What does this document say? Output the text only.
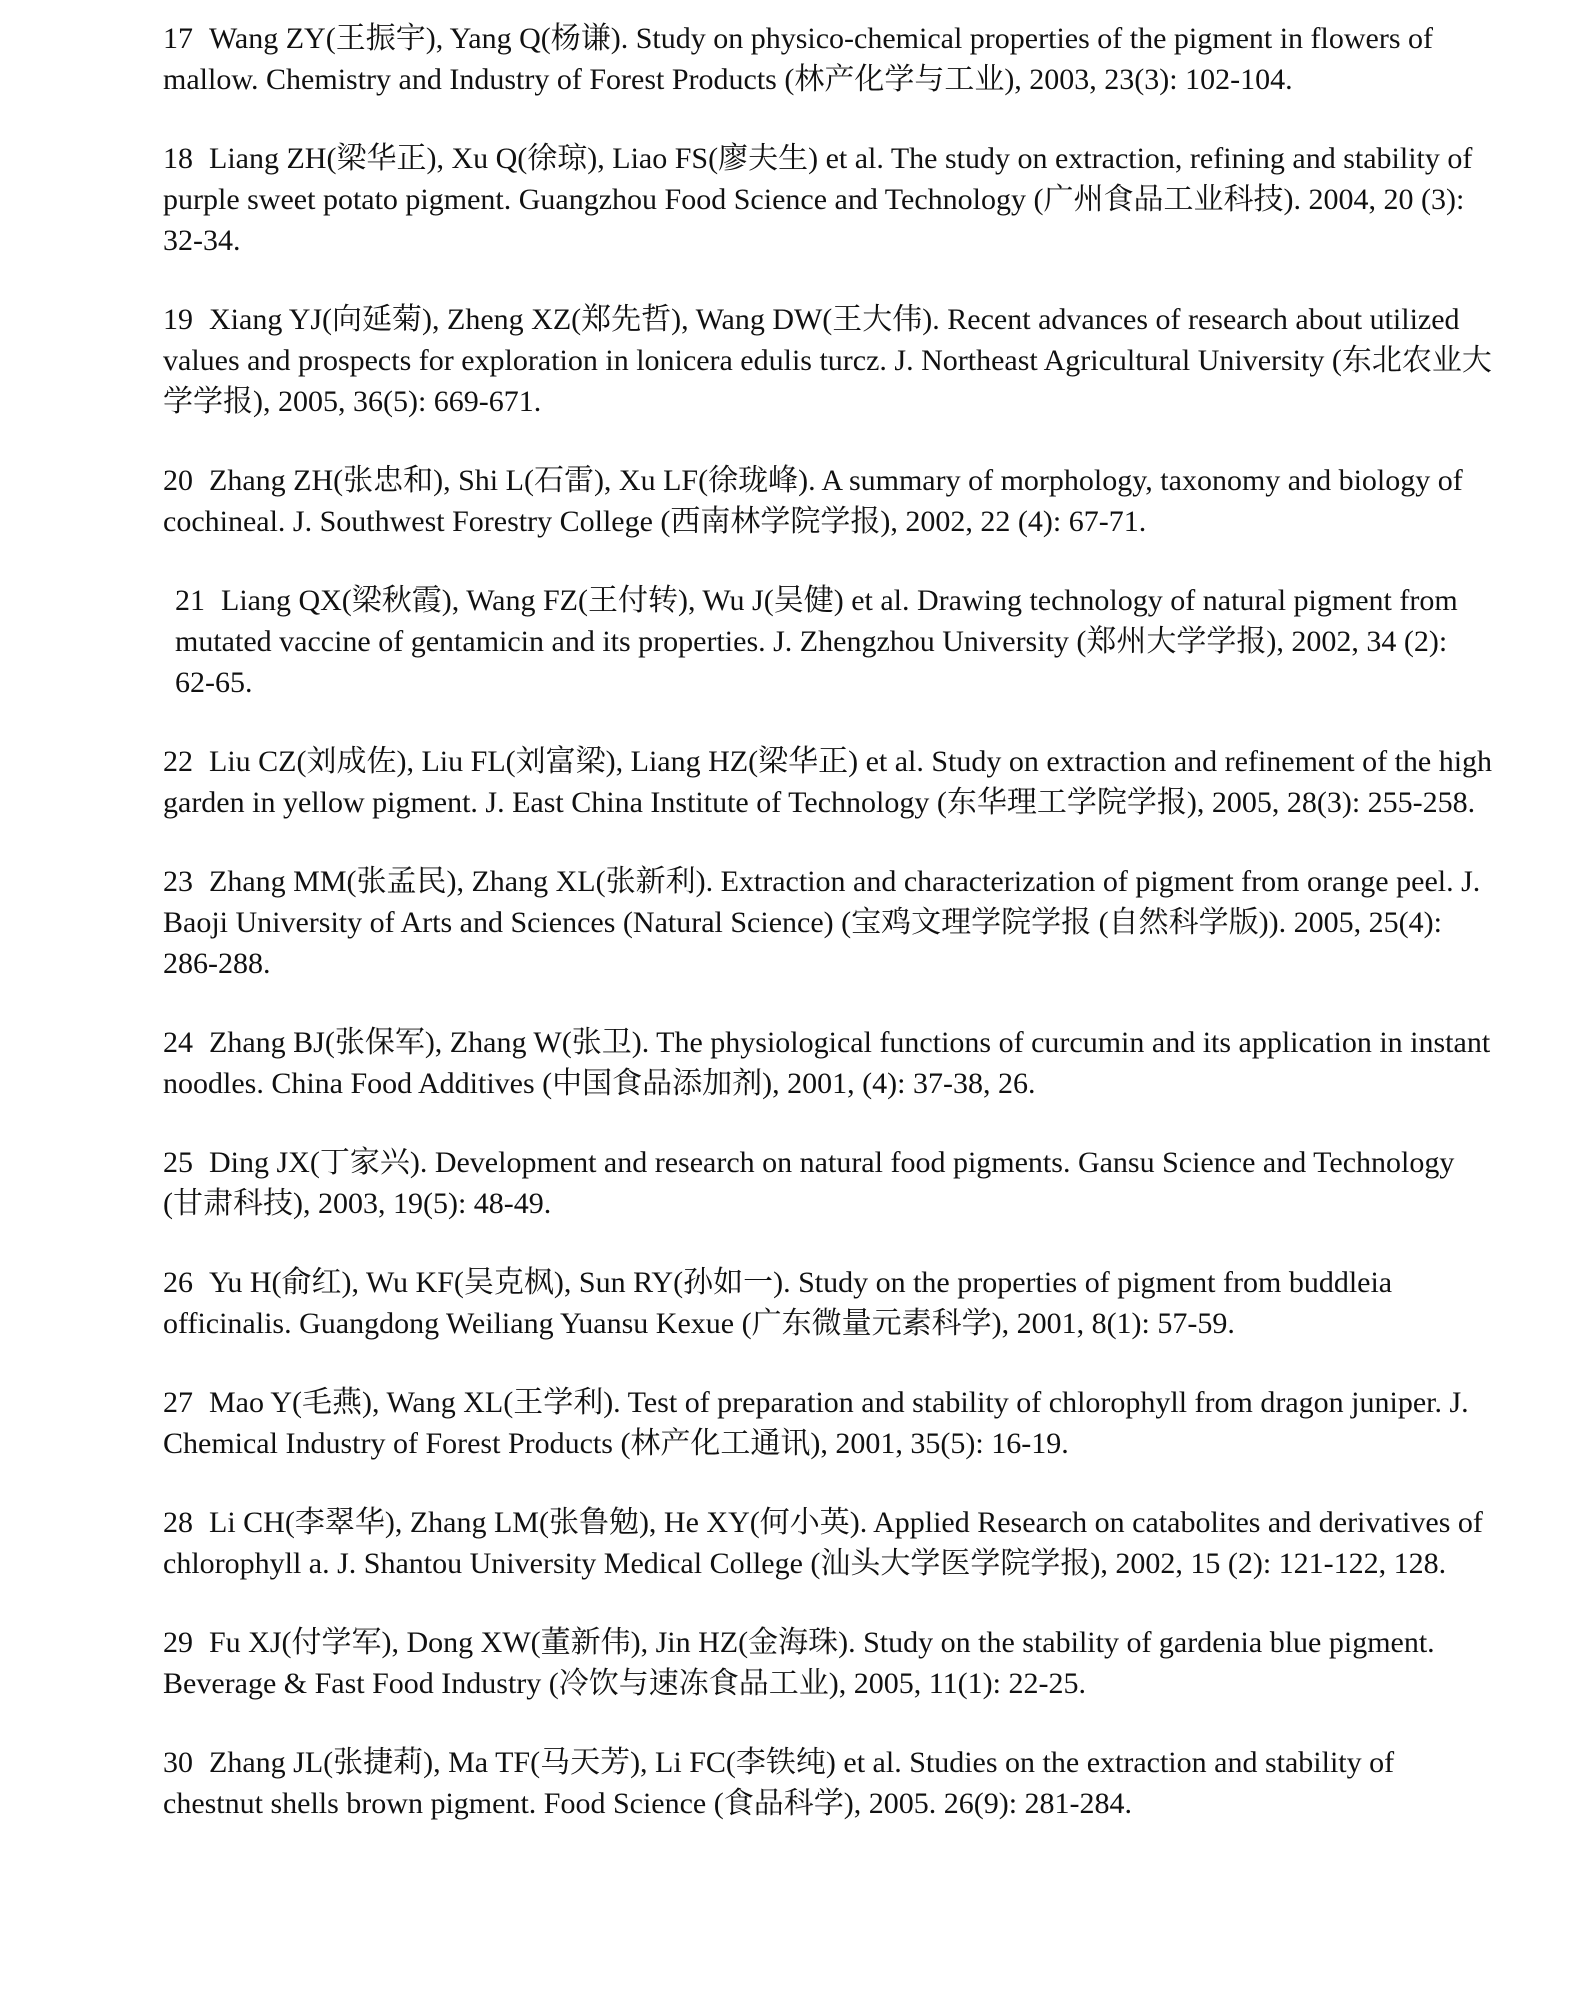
17 Wang ZY(王振宇), Yang Q(杨谦). Study on physico-chemical properties of the pigment in flowers of mallow. Chemistry and Industry of Forest Products (林产化学与工业), 2003, 23(3): 102-104.

18 Liang ZH(梁华正), Xu Q(徐琼), Liao FS(廖夫生) et al. The study on extraction, refining and stability of purple sweet potato pigment. Guangzhou Food Science and Technology (广州食品工业科技). 2004, 20 (3): 32-34.

19 Xiang YJ(向延菊), Zheng XZ(郑先哲), Wang DW(王大伟). Recent advances of research about utilized values and prospects for exploration in lonicera edulis turcz. J. Northeast Agricultural University (东北农业大学学报), 2005, 36(5): 669-671.

20 Zhang ZH(张忠和), Shi L(石雷), Xu LF(徐珑峰). A summary of morphology, taxonomy and biology of cochineal. J. Southwest Forestry College (西南林学院学报), 2002, 22 (4): 67-71.

21 Liang QX(梁秋霞), Wang FZ(王付转), Wu J(吴健) et al. Drawing technology of natural pigment from mutated vaccine of gentamicin and its properties. J. Zhengzhou University (郑州大学学报), 2002, 34 (2): 62-65.

22 Liu CZ(刘成佐), Liu FL(刘富梁), Liang HZ(梁华正) et al. Study on extraction and refinement of the high garden in yellow pigment. J. East China Institute of Technology (东华理工学院学报), 2005, 28(3): 255-258.

23 Zhang MM(张孟民), Zhang XL(张新利). Extraction and characterization of pigment from orange peel. J. Baoji University of Arts and Sciences (Natural Science) (宝鸡文理学院学报 (自然科学版)). 2005, 25(4): 286-288.

24 Zhang BJ(张保军), Zhang W(张卫). The physiological functions of curcumin and its application in instant noodles. China Food Additives (中国食品添加剂), 2001, (4): 37-38, 26.

25 Ding JX(丁家兴). Development and research on natural food pigments. Gansu Science and Technology (甘肃科技), 2003, 19(5): 48-49.

26 Yu H(俞红), Wu KF(吴克枫), Sun RY(孙如一). Study on the properties of pigment from buddleia officinalis. Guangdong Weiliang Yuansu Kexue (广东微量元素科学), 2001, 8(1): 57-59.

27 Mao Y(毛燕), Wang XL(王学利). Test of preparation and stability of chlorophyll from dragon juniper. J. Chemical Industry of Forest Products (林产化工通讯), 2001, 35(5): 16-19.

28 Li CH(李翠华), Zhang LM(张鲁勉), He XY(何小英). Applied Research on catabolites and derivatives of chlorophyll a. J. Shantou University Medical College (汕头大学医学院学报), 2002, 15 (2): 121-122, 128.

29 Fu XJ(付学军), Dong XW(董新伟), Jin HZ(金海珠). Study on the stability of gardenia blue pigment. Beverage & Fast Food Industry (冷饮与速冻食品工业), 2005, 11(1): 22-25.

30 Zhang JL(张捷莉), Ma TF(马天芳), Li FC(李铁纯) et al. Studies on the extraction and stability of chestnut shells brown pigment. Food Science (食品科学), 2005. 26(9): 281-284.
